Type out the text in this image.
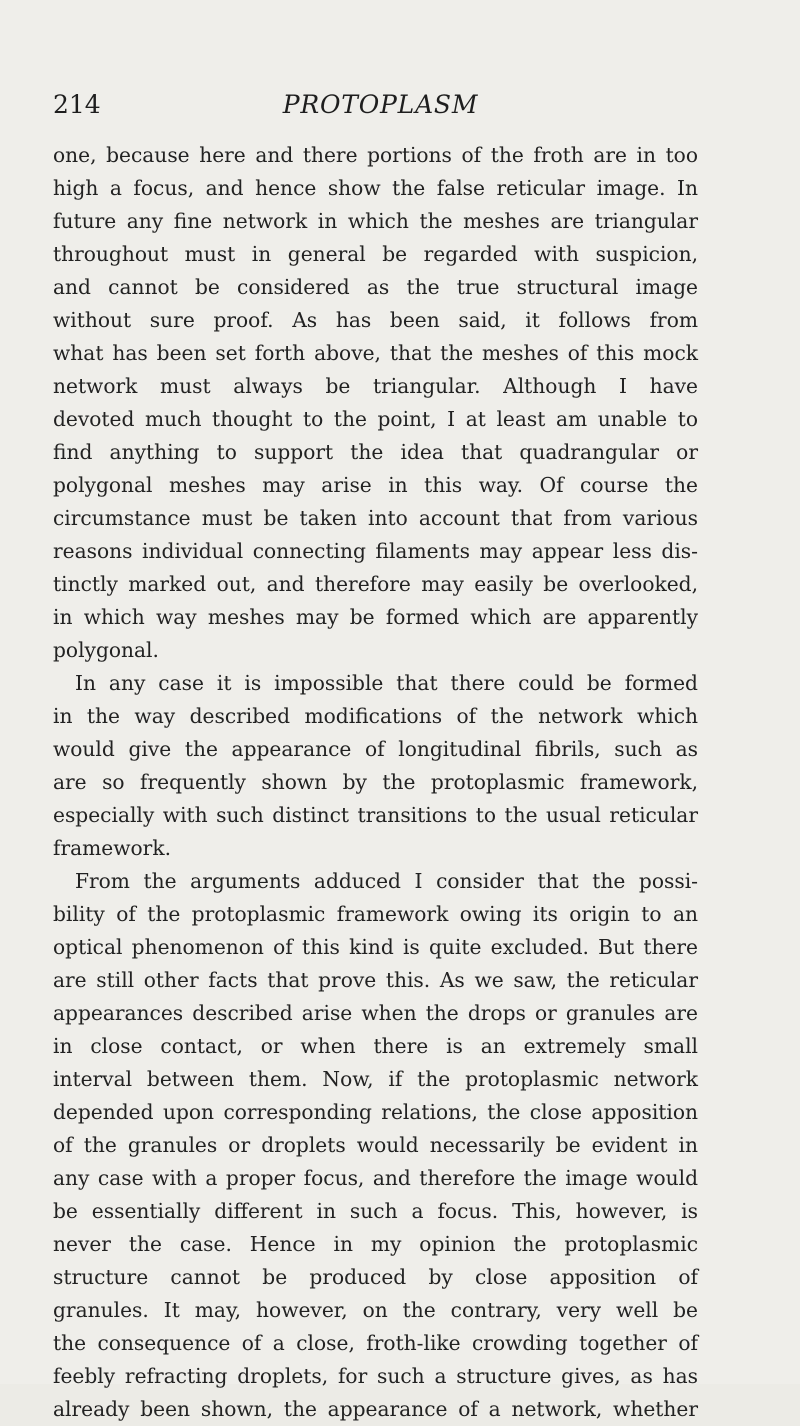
214	PROTOPLASM
one, because here and there portions of the froth are in too
high a focus, and hence show the false reticular image. In
future any fine network in which the meshes are triangular
throughout must in general be regarded with suspicion,
and cannot be considered as the true structural image
without sure proof. As has been said, it follows from
what has been set forth above, that the meshes of this mock
network must always be triangular. Although I have
devoted much thought to the point, I at least am unable to
find anything to support the idea that quadrangular or
polygonal meshes may arise in this way. Of course the
circumstance must be taken into account that from various
reasons individual connecting filaments may appear less dis-
tinctly marked out, and therefore may easily be overlooked,
in which way meshes may be formed which are apparently
polygonal.
In any case it is impossible that there could be formed
in the way described modifications of the network which
would give the appearance of longitudinal fibrils, such as
are so frequently shown by the protoplasmic framework,
especially with such distinct transitions to the usual reticular
framework.
From the arguments adduced I consider that the possi-
bility of the protoplasmic framework owing its origin to an
optical phenomenon of this kind is quite excluded. But there
are still other facts that prove this. As we saw, the reticular
appearances described arise when the drops or granules are
in close contact, or when there is an extremely small
interval between them. Now, if the protoplasmic network
depended upon corresponding relations, the close apposition
of the granules or droplets would necessarily be evident in
any case with a proper focus, and therefore the image would
be essentially different in such a focus. This, however, is
never the case. Hence in my opinion the protoplasmic
structure cannot be produced by close apposition of
granules. It may, however, on the contrary, very well be
the consequence of a close, froth-like crowding together of
feebly refracting droplets, for such a structure gives, as has
already been shown, the appearance of a network, whether
